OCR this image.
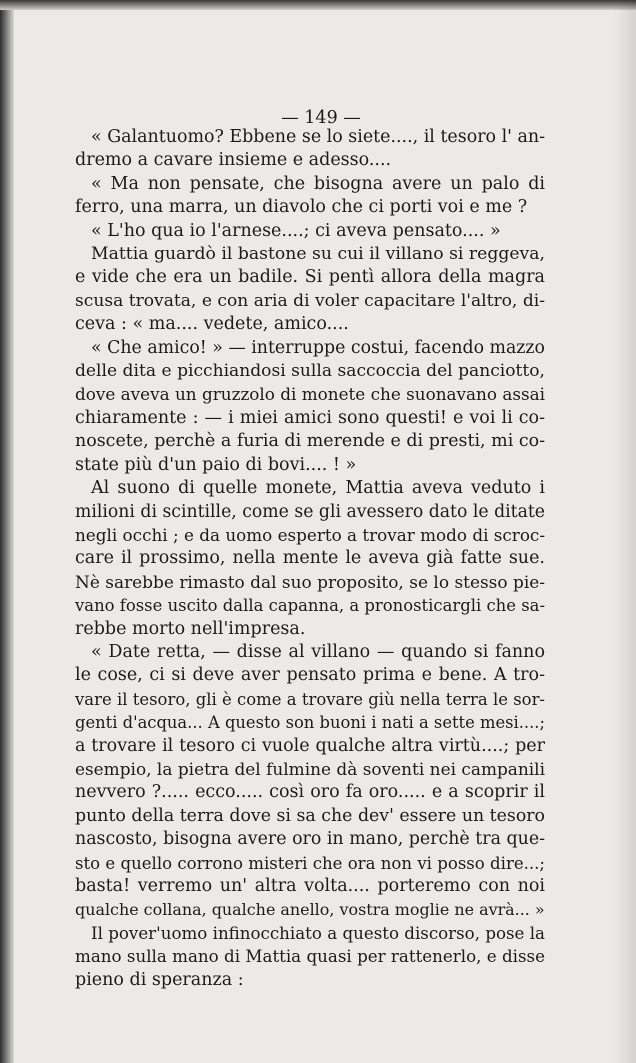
— 149 —
« Galantuomo? Ebbene se lo siete...., il tesoro l' an-
dremo a cavare insieme e adesso....
« Ma non pensate, che bisogna avere un palo di
ferro, una marra, un diavolo che ci porti voi e me ?
« L'ho qua io l'arnese....; ci aveva pensato.... »
Mattia guardò il bastone su cui il villano si reggeva,
e vide che era un badile. Si pentì allora della magra
scusa trovata, e con aria di voler capacitare l'altro, di-
ceva : « ma.... vedete, amico....
« Che amico! » — interruppe costui, facendo mazzo
delle dita e picchiandosi sulla saccoccia del panciotto,
dove aveva un gruzzolo di monete che suonavano assai
chiaramente : — i miei amici sono questi! e voi li co-
noscete, perchè a furia di merende e di presti, mi co-
state più d'un paio di bovi.... ! »
Al suono di quelle monete, Mattia aveva veduto i
milioni di scintille, come se gli avessero dato le ditate
negli occhi ; e da uomo esperto a trovar modo di scroc-
care il prossimo, nella mente le aveva già fatte sue.
Nè sarebbe rimasto dal suo proposito, se lo stesso pie-
vano fosse uscito dalla capanna, a pronosticargli che sa-
rebbe morto nell'impresa.
« Date retta, — disse al villano — quando si fanno
le cose, ci si deve aver pensato prima e bene. A tro-
vare il tesoro, gli è come a trovare giù nella terra le sor-
genti d'acqua... A questo son buoni i nati a sette mesi....;
a trovare il tesoro ci vuole qualche altra virtù....; per
esempio, la pietra del fulmine dà soventi nei campanili
nevvero ?..... ecco..... così oro fa oro..... e a scoprir il
punto della terra dove si sa che dev' essere un tesoro
nascosto, bisogna avere oro in mano, perchè tra que-
sto e quello corrono misteri che ora non vi posso dire...;
basta! verremo un' altra volta.... porteremo con noi
qualche collana, qualche anello, vostra moglie ne avrà... »
Il pover'uomo infinocchiato a questo discorso, pose la
mano sulla mano di Mattia quasi per rattenerlo, e disse
pieno di speranza :
